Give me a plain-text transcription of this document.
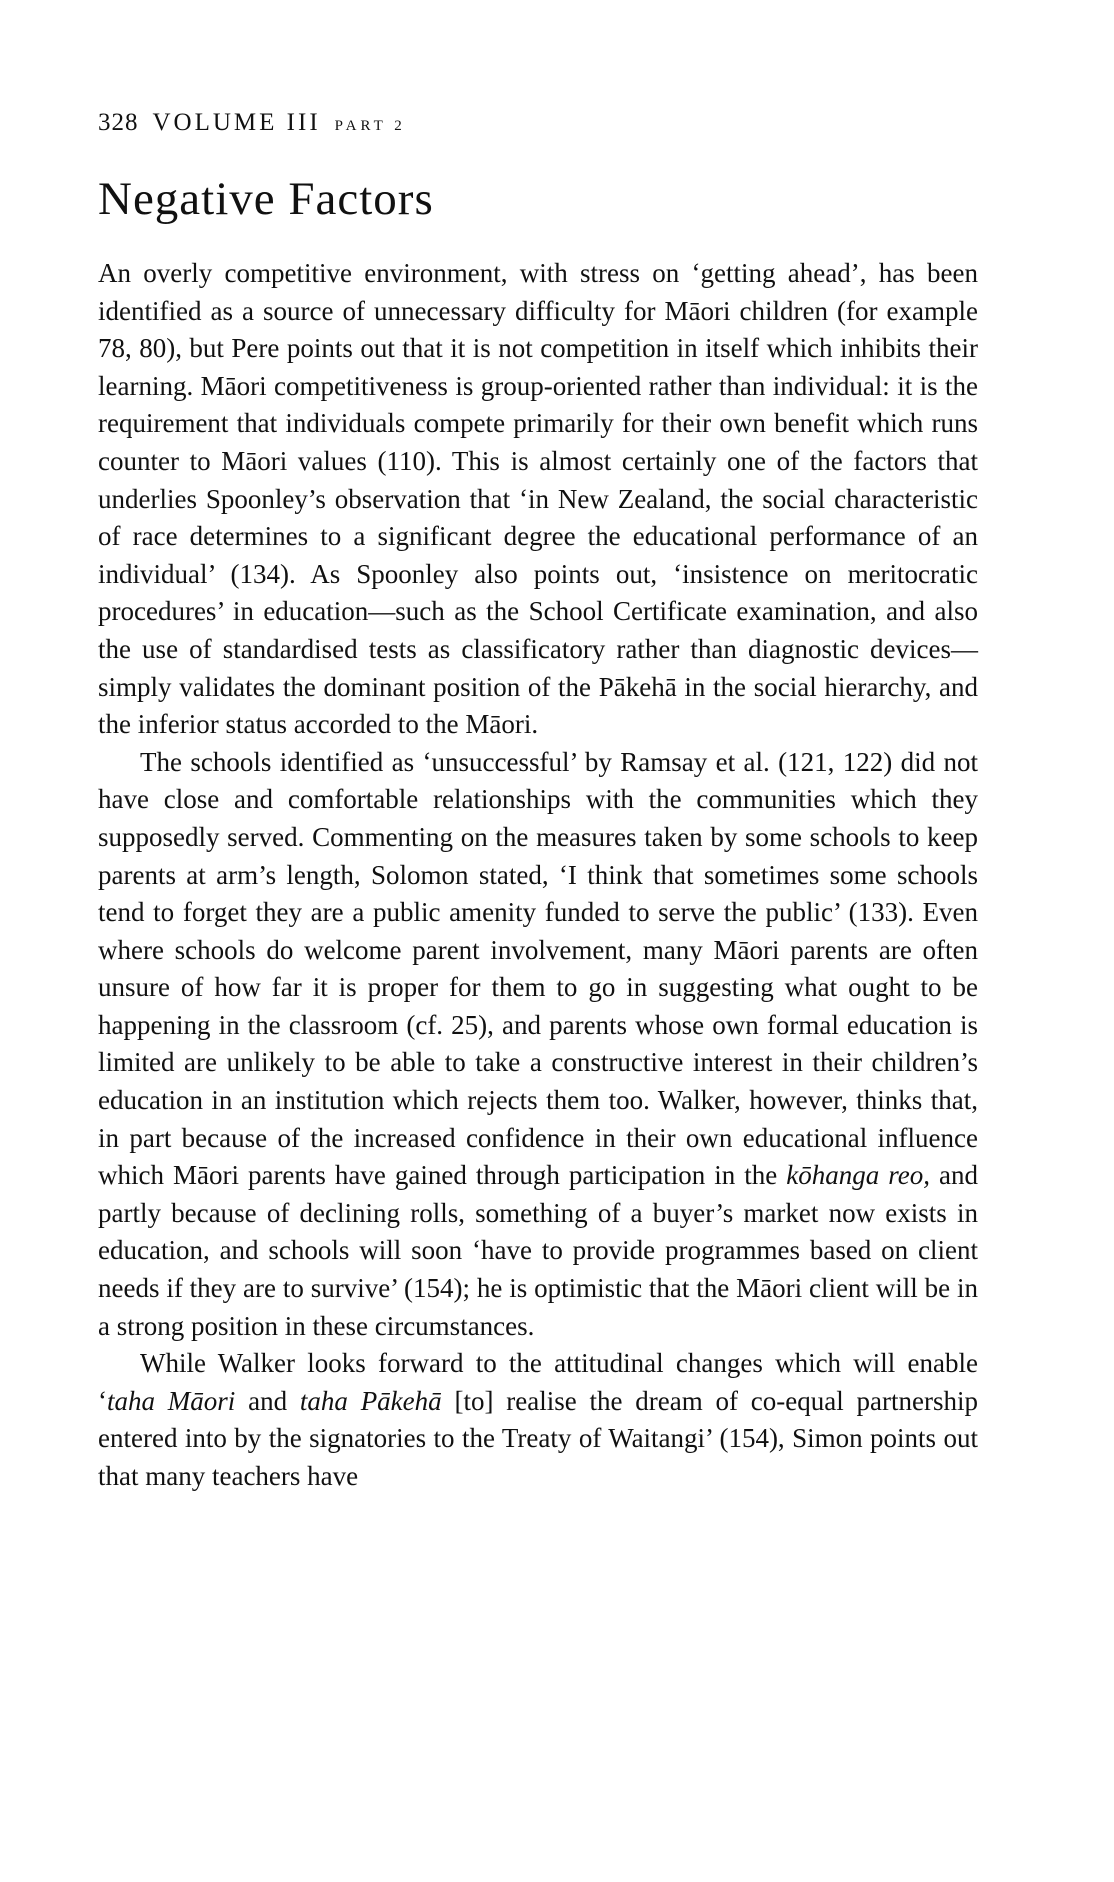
328 VOLUME III PART 2
Negative Factors

An overly competitive environment, with stress on ‘getting ahead’, has been identified as a source of unnecessary difficulty for Māori children (for example 78, 80), but Pere points out that it is not competition in itself which inhibits their learning. Māori competitiveness is group-oriented rather than individual: it is the requirement that individuals compete primarily for their own benefit which runs counter to Māori values (110). This is almost certainly one of the factors that underlies Spoonley’s observation that ‘in New Zealand, the social characteristic of race determines to a significant degree the educational performance of an individual’ (134). As Spoonley also points out, ‘insistence on meritocratic procedures’ in education—such as the School Certificate examination, and also the use of standardised tests as classificatory rather than diagnostic devices—simply validates the dominant position of the Pākehā in the social hierarchy, and the inferior status accorded to the Māori.

The schools identified as ‘unsuccessful’ by Ramsay et al. (121, 122) did not have close and comfortable relationships with the communities which they supposedly served. Commenting on the measures taken by some schools to keep parents at arm’s length, Solomon stated, ‘I think that sometimes some schools tend to forget they are a public amenity funded to serve the public’ (133). Even where schools do welcome parent involvement, many Māori parents are often unsure of how far it is proper for them to go in suggesting what ought to be happening in the classroom (cf. 25), and parents whose own formal education is limited are unlikely to be able to take a constructive interest in their children’s education in an institution which rejects them too. Walker, however, thinks that, in part because of the increased confidence in their own educational influence which Māori parents have gained through participation in the kōhanga reo, and partly because of declining rolls, something of a buyer’s market now exists in education, and schools will soon ‘have to provide programmes based on client needs if they are to survive’ (154); he is optimistic that the Māori client will be in a strong position in these circumstances.

While Walker looks forward to the attitudinal changes which will enable ‘taha Māori and taha Pākehā [to] realise the dream of co-equal partnership entered into by the signatories to the Treaty of Waitangi’ (154), Simon points out that many teachers have
